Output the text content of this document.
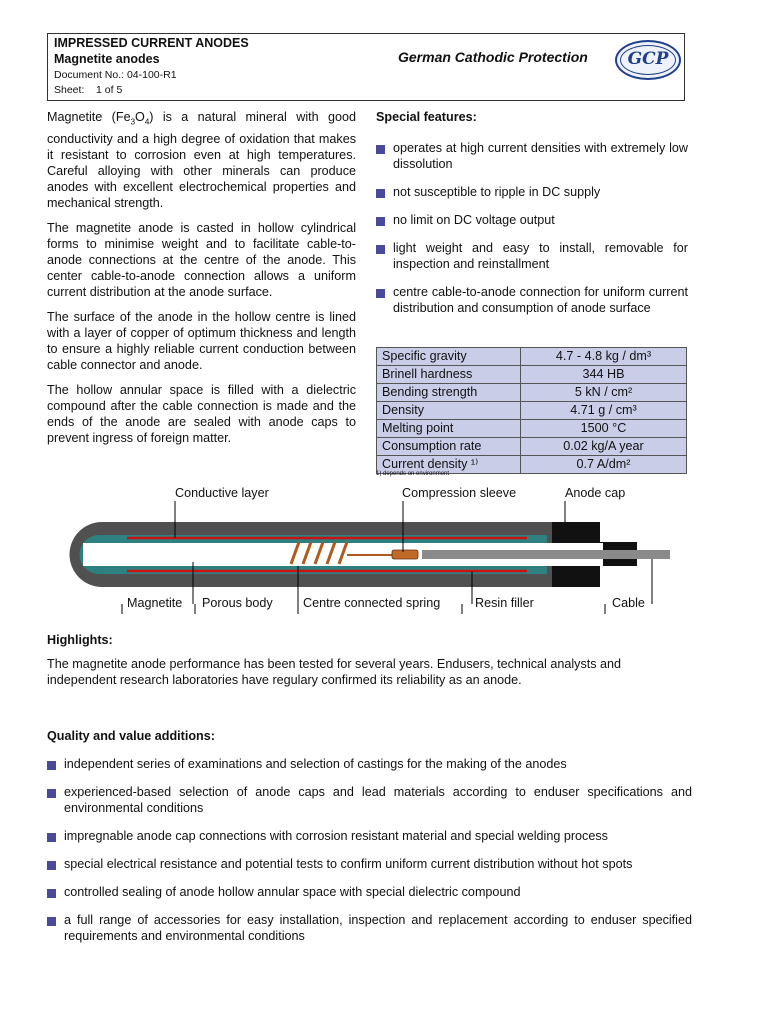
IMPRESSED CURRENT ANODES
Magnetite anodes
Document No.: 04-100-R1
Sheet:    1 of 5
German Cathodic Protection	GCP

Magnetite $(Fe_3O_4)$ is a natural mineral with good conductivity and a high degree of oxidation that makes it resistant to corrosion even at high temperatures. Careful alloying with other minerals can produce anodes with excellent electrochemical properties and mechanical strength.

The magnetite anode is casted in hollow cylindrical forms to minimise weight and to facilitate cable-to-anode connections at the centre of the anode. This center cable-to-anode connection allows a uniform current distribution at the anode surface.

The surface of the anode in the hollow centre is lined with a layer of copper of optimum thickness and length to ensure a highly reliable current conduction between cable connector and anode.

The hollow annular space is filled with a dielectric compound after the cable connection is made and the ends of the anode are sealed with anode caps to prevent ingress of foreign matter.

Special features:
operates at high current densities with extremely low dissolution
not susceptible to ripple in DC supply
no limit on DC voltage output
light weight and easy to install, removable for inspection and reinstallment
centre cable-to-anode connection for uniform current distribution and consumption of anode surface
Specific gravity	4.7 - 4.8 kg / dm³
Brinell hardness	344 HB
Bending strength	5 kN / cm²
Density	4.71 g / cm³
Melting point	1500 °C
Consumption rate	0.02 kg/A year
Current density ¹⁾	0.7 A/dm²
1) depends on environment
Conductive layer	Compression sleeve	Anode cap
Magnetite Porous body Centre connected spring	Resin filler	Cable
Highlights:
The magnetite anode performance has been tested for several years. Endusers, technical analysts and independent research laboratories have regulary confirmed its reliability as an anode.
Quality and value additions:
independent series of examinations and selection of castings for the making of the anodes
experienced-based selection of anode caps and lead materials according to enduser specifications and environmental conditions
impregnable anode cap connections with corrosion resistant material and special welding process
special electrical resistance and potential tests to confirm uniform current distribution without hot spots
controlled sealing of anode hollow annular space with special dielectric compound
a full range of accessories for easy installation, inspection and replacement according to enduser specified requirements and environmental conditions
